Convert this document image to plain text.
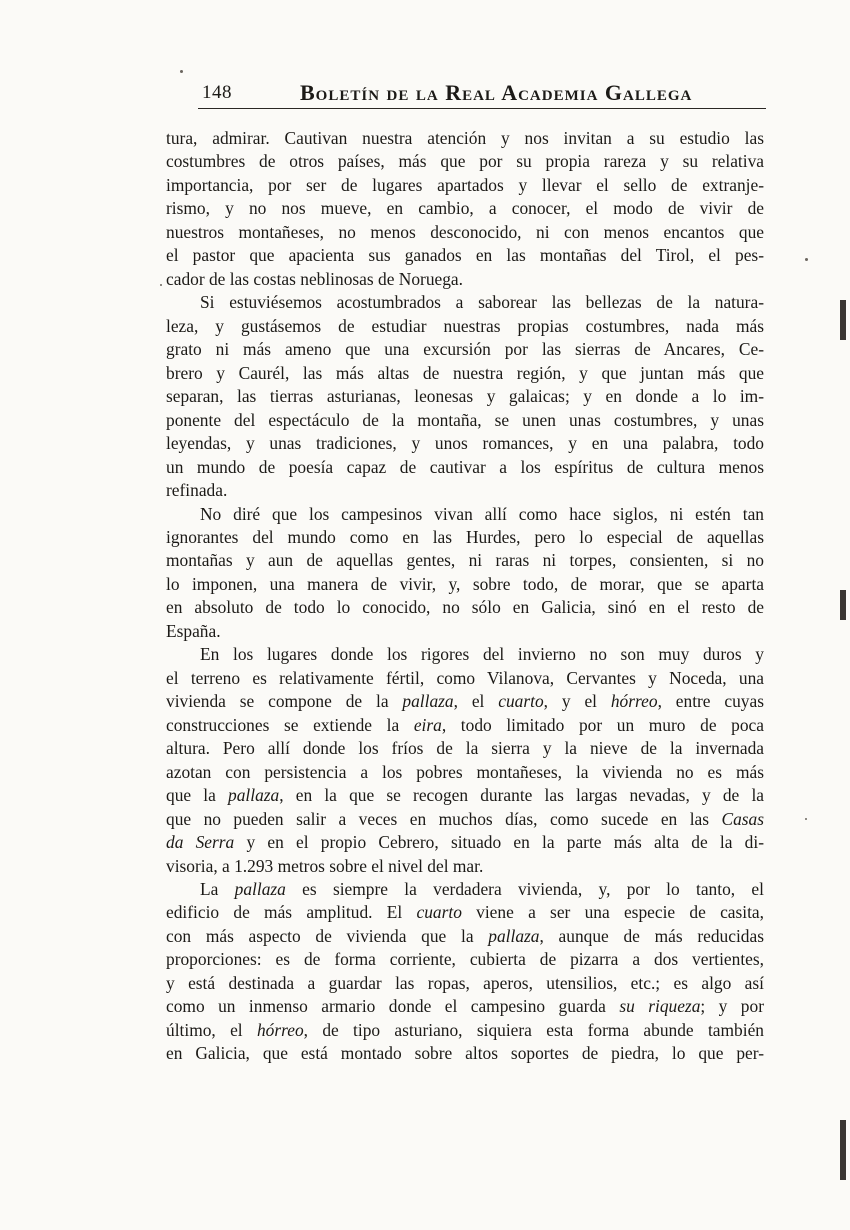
148	Boletín de la Real Academia Gallega
tura, admirar. Cautivan nuestra atención y nos invitan a su estudio las
costumbres de otros países, más que por su propia rareza y su relativa
importancia, por ser de lugares apartados y llevar el sello de extranje-
rismo, y no nos mueve, en cambio, a conocer, el modo de vivir de
nuestros montañeses, no menos desconocido, ni con menos encantos que
el pastor que apacienta sus ganados en las montañas del Tirol, el pes-
cador de las costas neblinosas de Noruega.
Si estuviésemos acostumbrados a saborear las bellezas de la natura-
leza, y gustásemos de estudiar nuestras propias costumbres, nada más
grato ni más ameno que una excursión por las sierras de Ancares, Ce-
brero y Caurél, las más altas de nuestra región, y que juntan más que
separan, las tierras asturianas, leonesas y galaicas; y en donde a lo im-
ponente del espectáculo de la montaña, se unen unas costumbres, y unas
leyendas, y unas tradiciones, y unos romances, y en una palabra, todo
un mundo de poesía capaz de cautivar a los espíritus de cultura menos
refinada.
No diré que los campesinos vivan allí como hace siglos, ni estén tan
ignorantes del mundo como en las Hurdes, pero lo especial de aquellas
montañas y aun de aquellas gentes, ni raras ni torpes, consienten, si no
lo imponen, una manera de vivir, y, sobre todo, de morar, que se aparta
en absoluto de todo lo conocido, no sólo en Galicia, sinó en el resto de
España.
En los lugares donde los rigores del invierno no son muy duros y
el terreno es relativamente fértil, como Vilanova, Cervantes y Noceda, una
vivienda se compone de la pallaza, el cuarto, y el hórreo, entre cuyas
construcciones se extiende la eira, todo limitado por un muro de poca
altura. Pero allí donde los fríos de la sierra y la nieve de la invernada
azotan con persistencia a los pobres montañeses, la vivienda no es más
que la pallaza, en la que se recogen durante las largas nevadas, y de la
que no pueden salir a veces en muchos días, como sucede en las Casas
da Serra y en el propio Cebrero, situado en la parte más alta de la di-
visoria, a 1.293 metros sobre el nivel del mar.
La pallaza es siempre la verdadera vivienda, y, por lo tanto, el
edificio de más amplitud. El cuarto viene a ser una especie de casita,
con más aspecto de vivienda que la pallaza, aunque de más reducidas
proporciones: es de forma corriente, cubierta de pizarra a dos vertientes,
y está destinada a guardar las ropas, aperos, utensilios, etc.; es algo así
como un inmenso armario donde el campesino guarda su riqueza; y por
último, el hórreo, de tipo asturiano, siquiera esta forma abunde también
en Galicia, que está montado sobre altos soportes de piedra, lo que per-
